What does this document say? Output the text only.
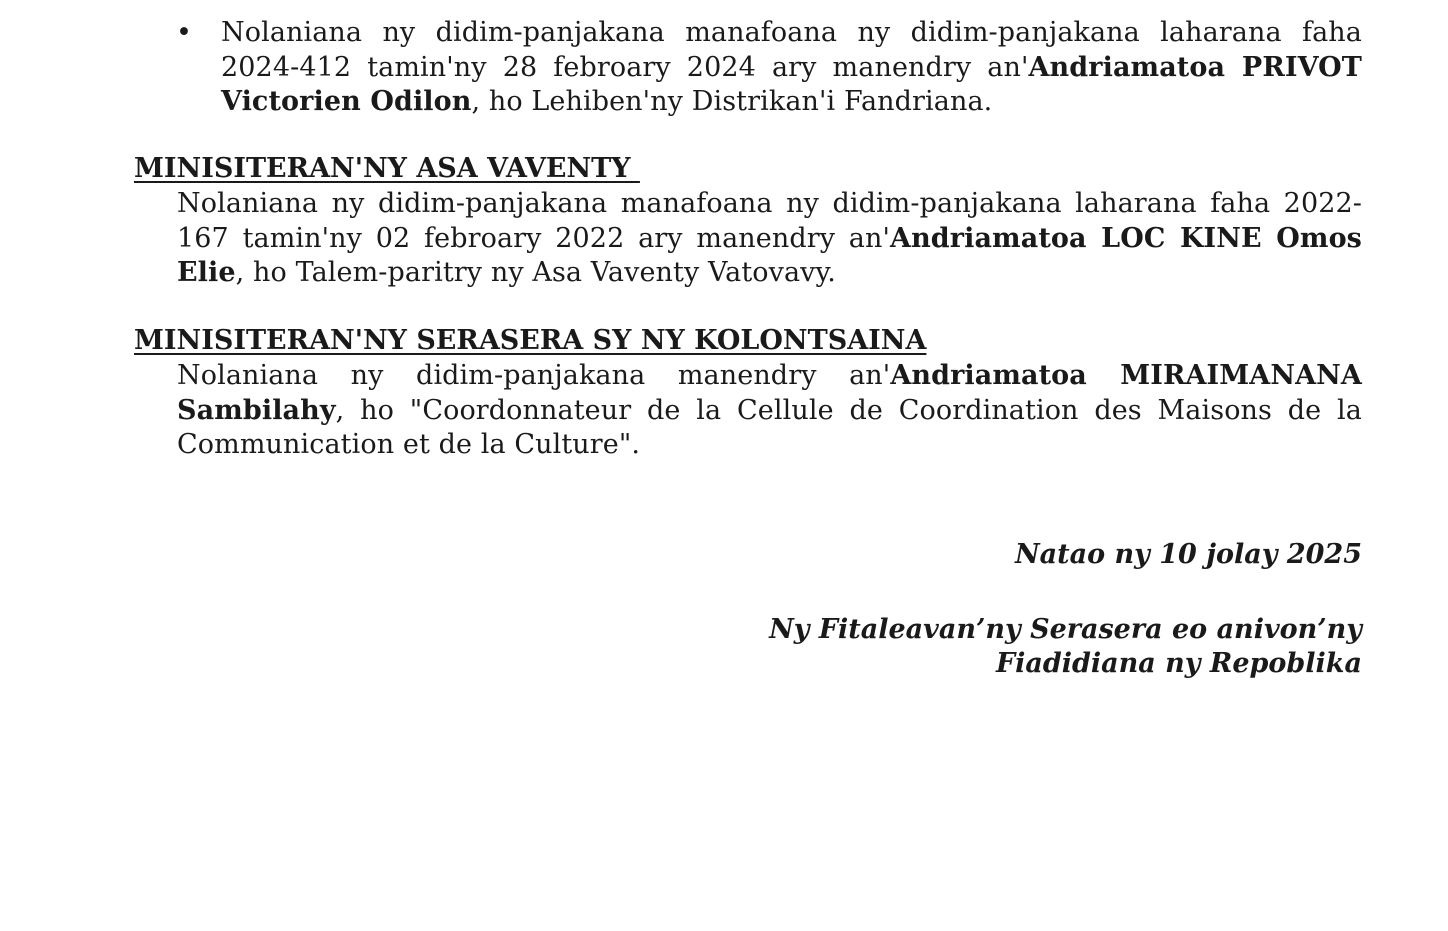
• Nolaniana ny didim-panjakana manafoana ny didim-panjakana laharana faha 2024-412 tamin'ny 28 febroary 2024 ary manendry an'Andriamatoa PRIVOT Victorien Odilon, ho Lehiben'ny Distrikan'i Fandriana.
MINISITERAN'NY ASA VAVENTY
Nolaniana ny didim-panjakana manafoana ny didim-panjakana laharana faha 2022-167 tamin'ny 02 febroary 2022 ary manendry an'Andriamatoa LOC KINE Omos Elie, ho Talem-paritry ny Asa Vaventy Vatovavy.
MINISITERAN'NY SERASERA SY NY KOLONTSAINA
Nolaniana ny didim-panjakana manendry an'Andriamatoa MIRAIMANANA Sambilahy, ho "Coordonnateur de la Cellule de Coordination des Maisons de la Communication et de la Culture".
Natao ny 10 jolay 2025
Ny Fitaleavan’ny Serasera eo anivon’ny
Fiadidiana ny Repoblika
